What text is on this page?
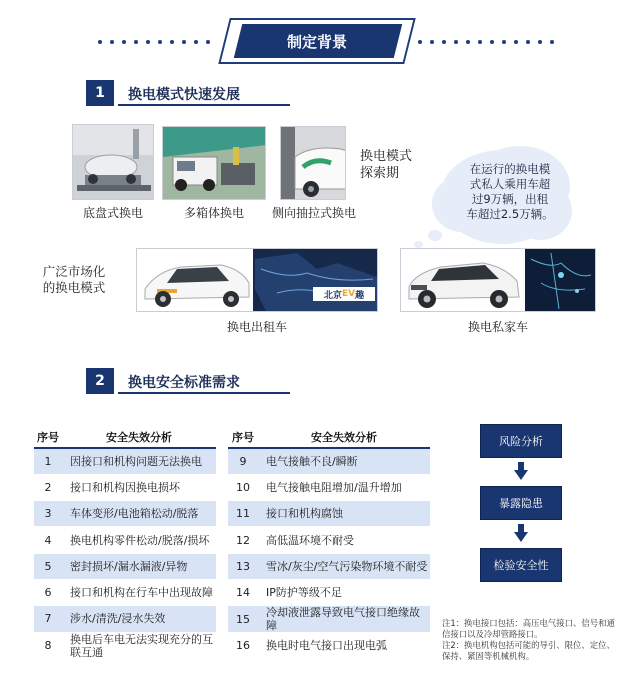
制定背景
1	换电模式快速发展
底盘式换电	多箱体换电	侧向抽拉式换电
换电模式
探索期	在运行的换电模
式私人乘用车超
过9万辆，出租
车超过2.5万辆。
广泛市场化
的换电模式
北京 EV 趣
换电出租车	换电私家车
2	换电安全标准需求
序号	安全失效分析
1	因接口和机构问题无法换电
2	接口和机构因换电损坏
3	车体变形/电池箱松动/脱落
4	换电机构零件松动/脱落/损坏
5	密封损坏/漏水漏液/异物
6	接口和机构在行车中出现故障
7	涉水/清洗/浸水失效
8	换电后车电无法实现充分的互联互通
序号	安全失效分析
9	电气接触不良/瞬断
10	电气接触电阻增加/温升增加
11	接口和机构腐蚀
12	高低温环境不耐受
13	雪冰/灰尘/空气污染物环境不耐受
14	IP防护等级不足
15	冷却液泄露导致电气接口绝缘故障
16	换电时电气接口出现电弧
风险分析
暴露隐患
检验安全性
注1：换电接口包括：高压电气接口、信号和通信接口以及冷却管路接口。
注2：换电机构包括可能的导引、限位、定位、保持、紧固等机械机构。
